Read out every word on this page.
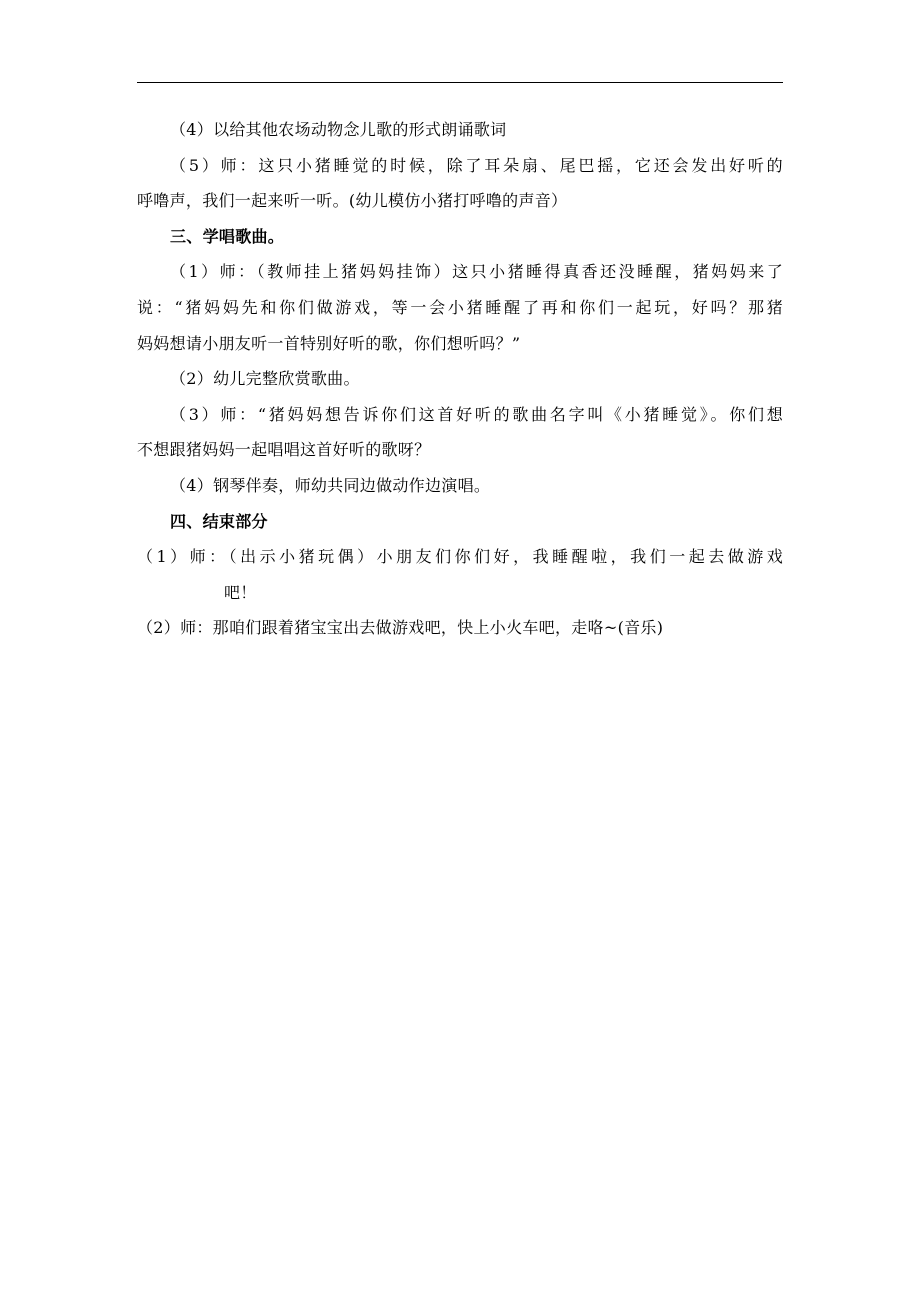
（4）以给其他农场动物念儿歌的形式朗诵歌词
（5）师：这只小猪睡觉的时候，除了耳朵扇、尾巴摇，它还会发出好听的
呼噜声，我们一起来听一听。(幼儿模仿小猪打呼噜的声音）
三、学唱歌曲。
（1）师：（教师挂上猪妈妈挂饰）这只小猪睡得真香还没睡醒，猪妈妈来了
说：“猪妈妈先和你们做游戏，等一会小猪睡醒了再和你们一起玩，好吗？那猪
妈妈想请小朋友听一首特别好听的歌，你们想听吗？”
（2）幼儿完整欣赏歌曲。
（3）师：“猪妈妈想告诉你们这首好听的歌曲名字叫《小猪睡觉》。你们想
不想跟猪妈妈一起唱唱这首好听的歌呀？
（4）钢琴伴奏，师幼共同边做动作边演唱。
四、结束部分
（1）师：（出示小猪玩偶）小朋友们你们好，我睡醒啦，我们一起去做游戏
吧！
（2）师：那咱们跟着猪宝宝出去做游戏吧，快上小火车吧，走咯~(音乐)
